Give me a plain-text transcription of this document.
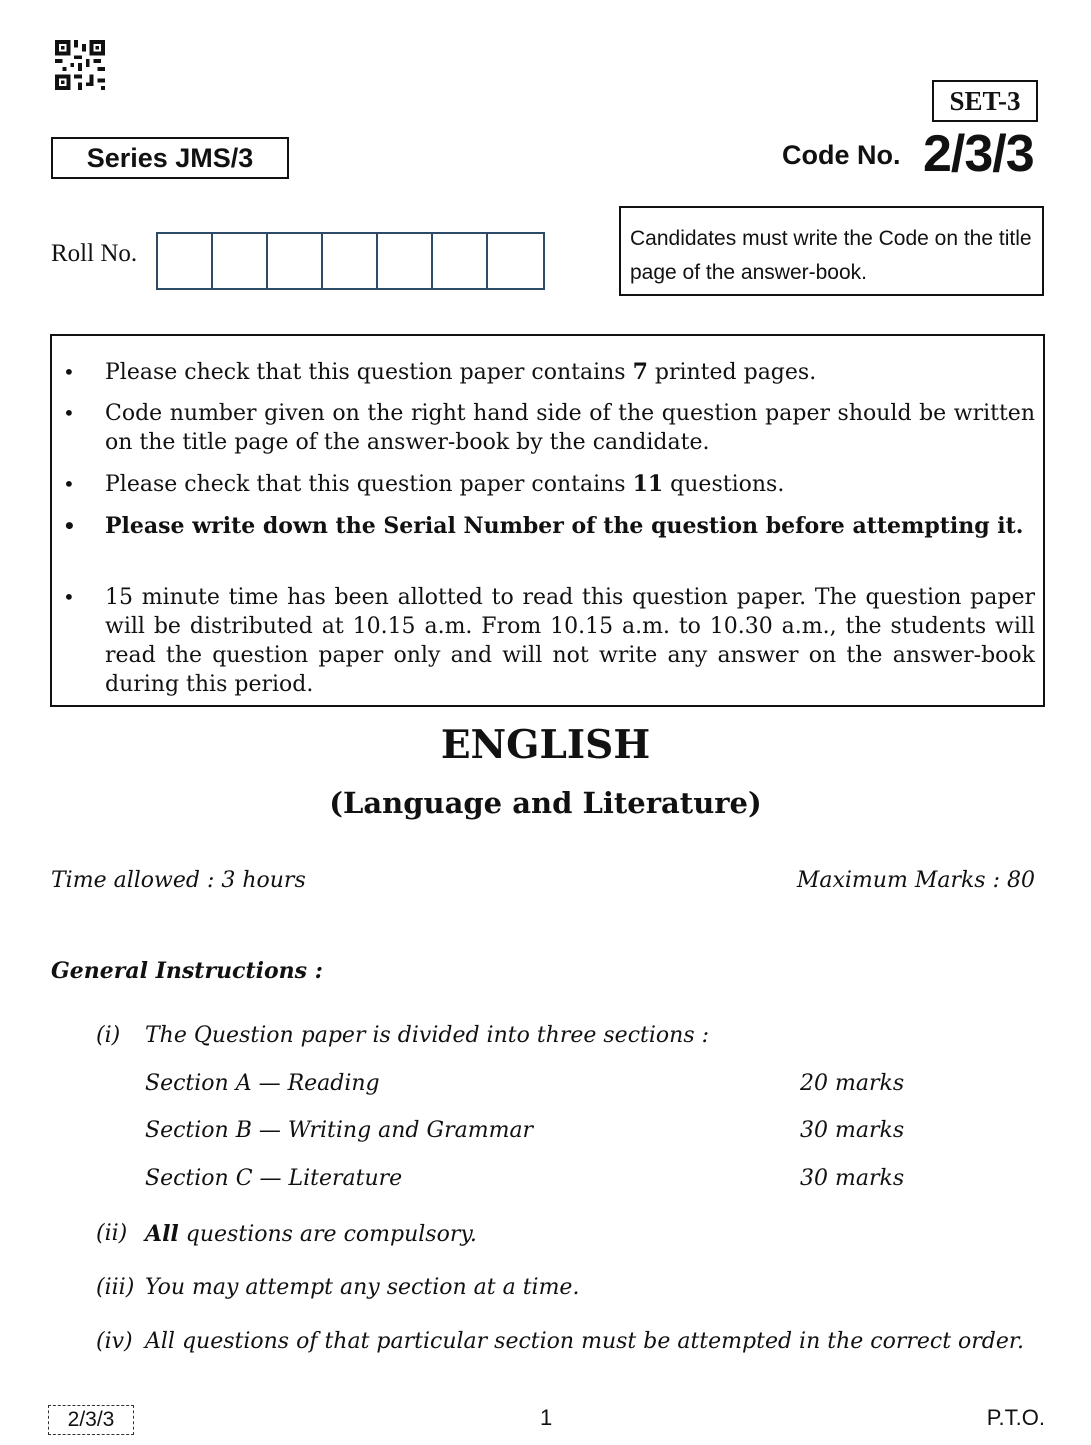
SET-3
Series JMS/3	Code No. 2/3/3
Roll No.
Candidates must write the Code on the title page of the answer-book.
• Please check that this question paper contains 7 printed pages.
• Code number given on the right hand side of the question paper should be written on the title page of the answer-book by the candidate.
• Please check that this question paper contains 11 questions.
• Please write down the Serial Number of the question before attempting it.
• 15 minute time has been allotted to read this question paper. The question paper will be distributed at 10.15 a.m. From 10.15 a.m. to 10.30 a.m., the students will read the question paper only and will not write any answer on the answer-book during this period.
ENGLISH
(Language and Literature)
Time allowed : 3 hours	Maximum Marks : 80
General Instructions :
(i) The Question paper is divided into three sections :
Section A — Reading	20 marks
Section B — Writing and Grammar	30 marks
Section C — Literature	30 marks
(ii) All questions are compulsory.
(iii) You may attempt any section at a time.
(iv) All questions of that particular section must be attempted in the correct order.
2/3/3	1	P.T.O.
